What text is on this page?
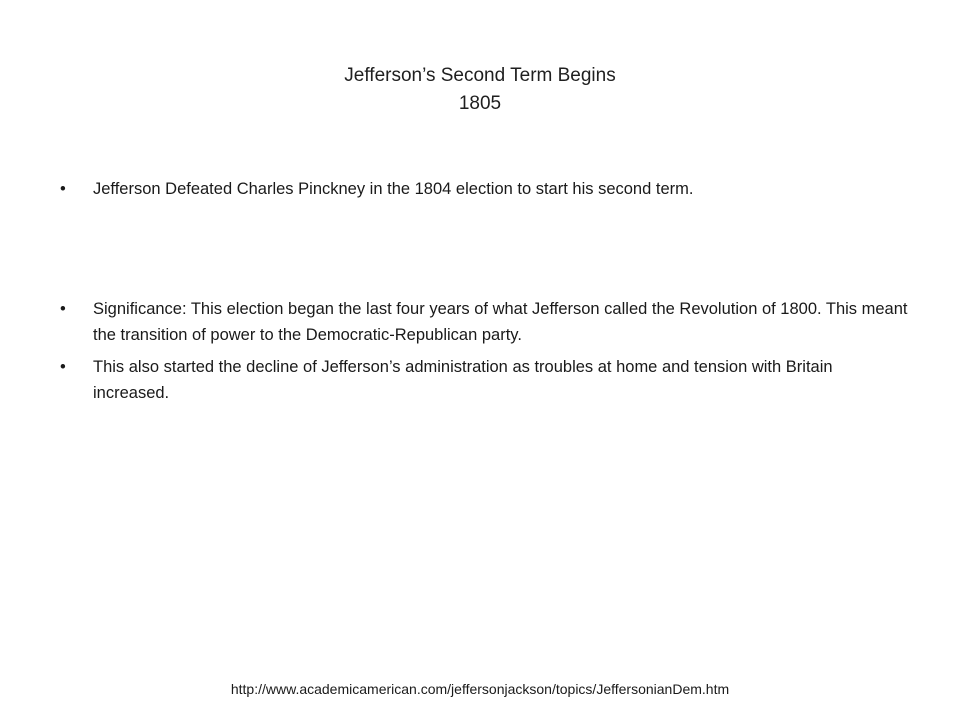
Jefferson’s Second Term Begins
1805
•	Jefferson Defeated Charles Pinckney in the 1804 election to start his second term.
•	Significance: This election began the last four years of what Jefferson called the Revolution of 1800. This meant the transition of power to the Democratic-Republican party.
•	This also started the decline of Jefferson’s administration as troubles at home and tension with Britain increased.
http://www.academicamerican.com/jeffersonjackson/topics/JeffersonianDem.htm
